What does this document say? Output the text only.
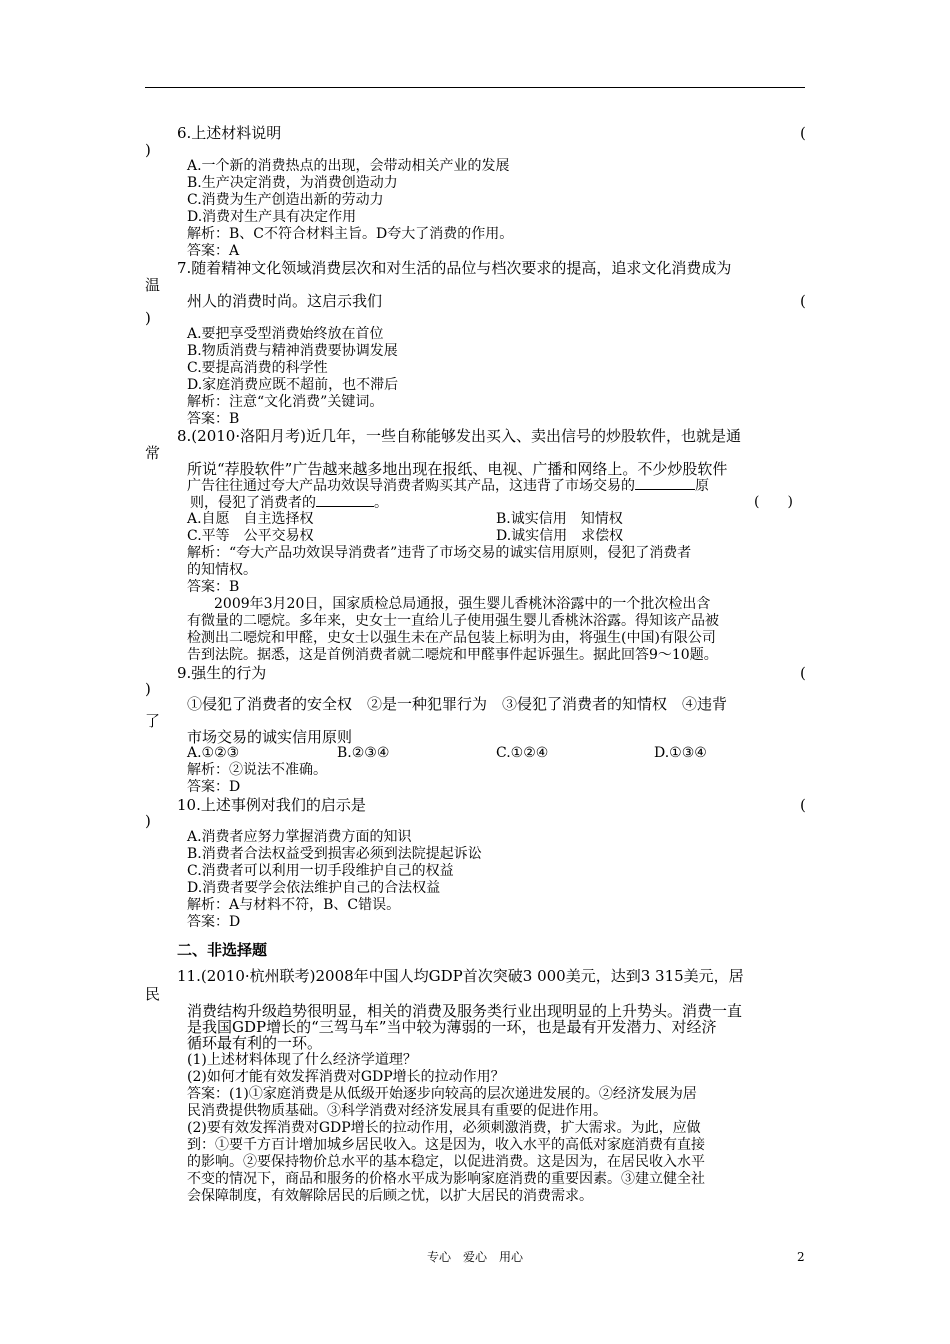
6.上述材料说明	(
)
A.一个新的消费热点的出现，会带动相关产业的发展
B.生产决定消费，为消费创造动力
C.消费为生产创造出新的劳动力
D.消费对生产具有决定作用
解析：B、C不符合材料主旨。D夸大了消费的作用。
答案：A
7.随着精神文化领域消费层次和对生活的品位与档次要求的提高，追求文化消费成为
温
州人的消费时尚。这启示我们	(
)
A.要把享受型消费始终放在首位
B.物质消费与精神消费要协调发展
C.要提高消费的科学性
D.家庭消费应既不超前，也不滞后
解析：注意“文化消费”关键词。
答案：B
8.(2010·洛阳月考)近几年，一些自称能够发出买入、卖出信号的炒股软件，也就是通
常
所说“荐股软件”广告越来越多地出现在报纸、电视、广播和网络上。不少炒股软件
广告往往通过夸大产品功效误导消费者购买其产品，这违背了市场交易的	原
则，侵犯了消费者的	。	(　　)
A.自愿　自主选择权	B.诚实信用　知情权
C.平等　公平交易权	D.诚实信用　求偿权
解析：“夸大产品功效误导消费者”违背了市场交易的诚实信用原则，侵犯了消费者
的知情权。
答案：B
2009年3月20日，国家质检总局通报，强生婴儿香桃沐浴露中的一个批次检出含
有微量的二噁烷。多年来，史女士一直给儿子使用强生婴儿香桃沐浴露。得知该产品被
检测出二噁烷和甲醛，史女士以强生未在产品包装上标明为由，将强生(中国)有限公司
告到法院。据悉，这是首例消费者就二噁烷和甲醛事件起诉强生。据此回答9～10题。
9.强生的行为	(
)
①侵犯了消费者的安全权　②是一种犯罪行为　③侵犯了消费者的知情权　④违背
了
市场交易的诚实信用原则
A.①②③	B.②③④	C.①②④	D.①③④
解析：②说法不准确。
答案：D
10.上述事例对我们的启示是	(
)
A.消费者应努力掌握消费方面的知识
B.消费者合法权益受到损害必须到法院提起诉讼
C.消费者可以利用一切手段维护自己的权益
D.消费者要学会依法维护自己的合法权益
解析：A与材料不符，B、C错误。
答案：D
二、非选择题
11.(2010·杭州联考)2008年中国人均GDP首次突破3 000美元，达到3 315美元，居
民
消费结构升级趋势很明显，相关的消费及服务类行业出现明显的上升势头。消费一直
是我国GDP增长的“三驾马车”当中较为薄弱的一环，也是最有开发潜力、对经济
循环最有利的一环。
(1)上述材料体现了什么经济学道理？
(2)如何才能有效发挥消费对GDP增长的拉动作用？
答案：(1)①家庭消费是从低级开始逐步向较高的层次递进发展的。②经济发展为居
民消费提供物质基础。③科学消费对经济发展具有重要的促进作用。
(2)要有效发挥消费对GDP增长的拉动作用，必须刺激消费，扩大需求。为此，应做
到：①要千方百计增加城乡居民收入。这是因为，收入水平的高低对家庭消费有直接
的影响。②要保持物价总水平的基本稳定，以促进消费。这是因为，在居民收入水平
不变的情况下，商品和服务的价格水平成为影响家庭消费的重要因素。③建立健全社
会保障制度，有效解除居民的后顾之忧，以扩大居民的消费需求。
专心　爱心　用心	2
